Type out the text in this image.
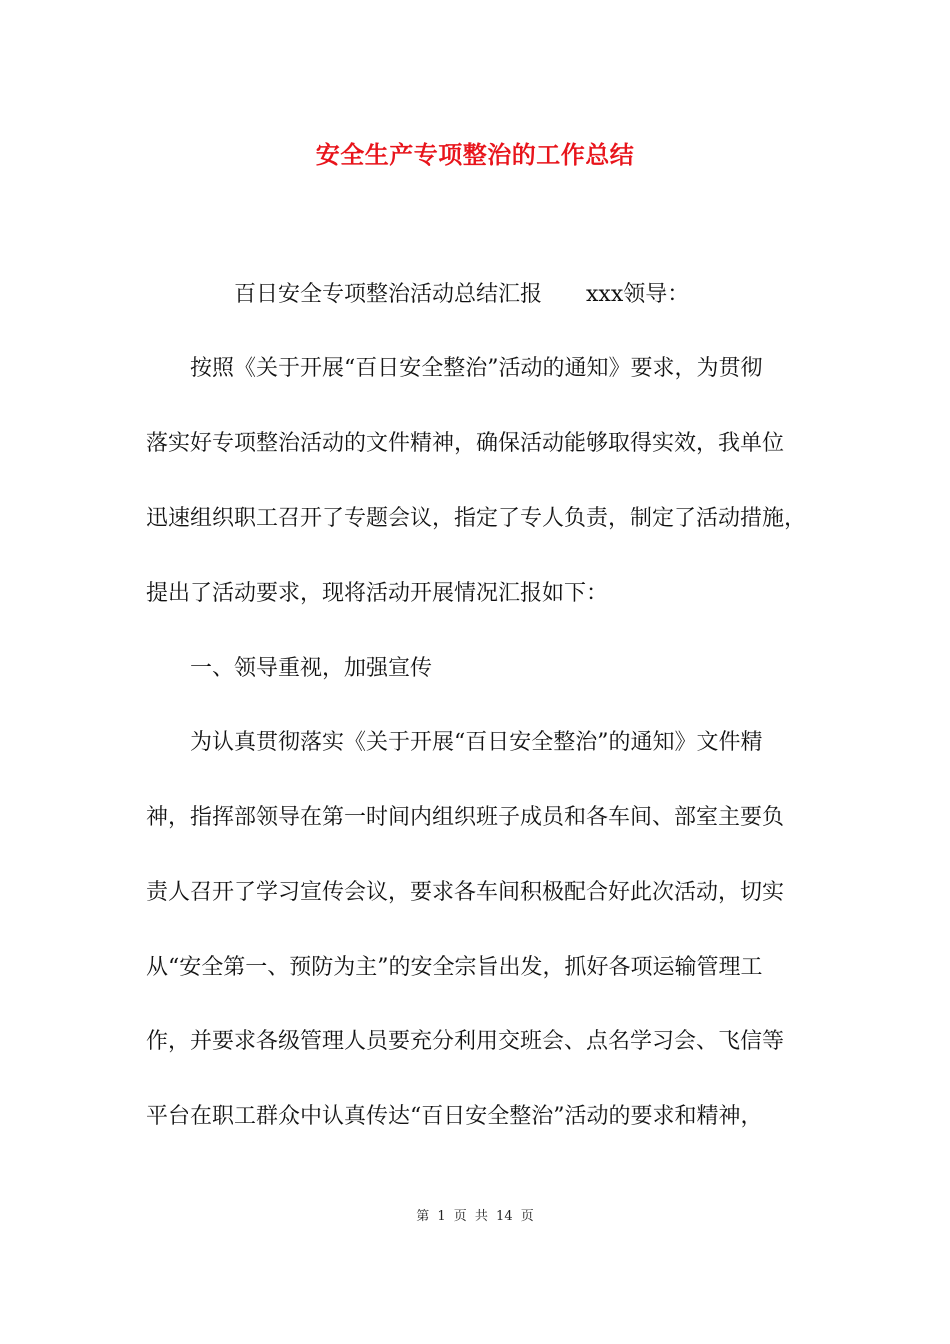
安全生产专项整治的工作总结
百日安全专项整治活动总结汇报 xxx领导：
按照《关于开展“百日安全整治”活动的通知》要求，为贯彻
落实好专项整治活动的文件精神，确保活动能够取得实效，我单位
迅速组织职工召开了专题会议，指定了专人负责，制定了活动措施，
提出了活动要求，现将活动开展情况汇报如下：
一、领导重视，加强宣传
为认真贯彻落实《关于开展“百日安全整治”的通知》文件精
神，指挥部领导在第一时间内组织班子成员和各车间、部室主要负
责人召开了学习宣传会议，要求各车间积极配合好此次活动，切实
从“安全第一、预防为主”的安全宗旨出发，抓好各项运输管理工
作，并要求各级管理人员要充分利用交班会、点名学习会、飞信等
平台在职工群众中认真传达“百日安全整治”活动的要求和精神，
第 1 页 共 14 页
